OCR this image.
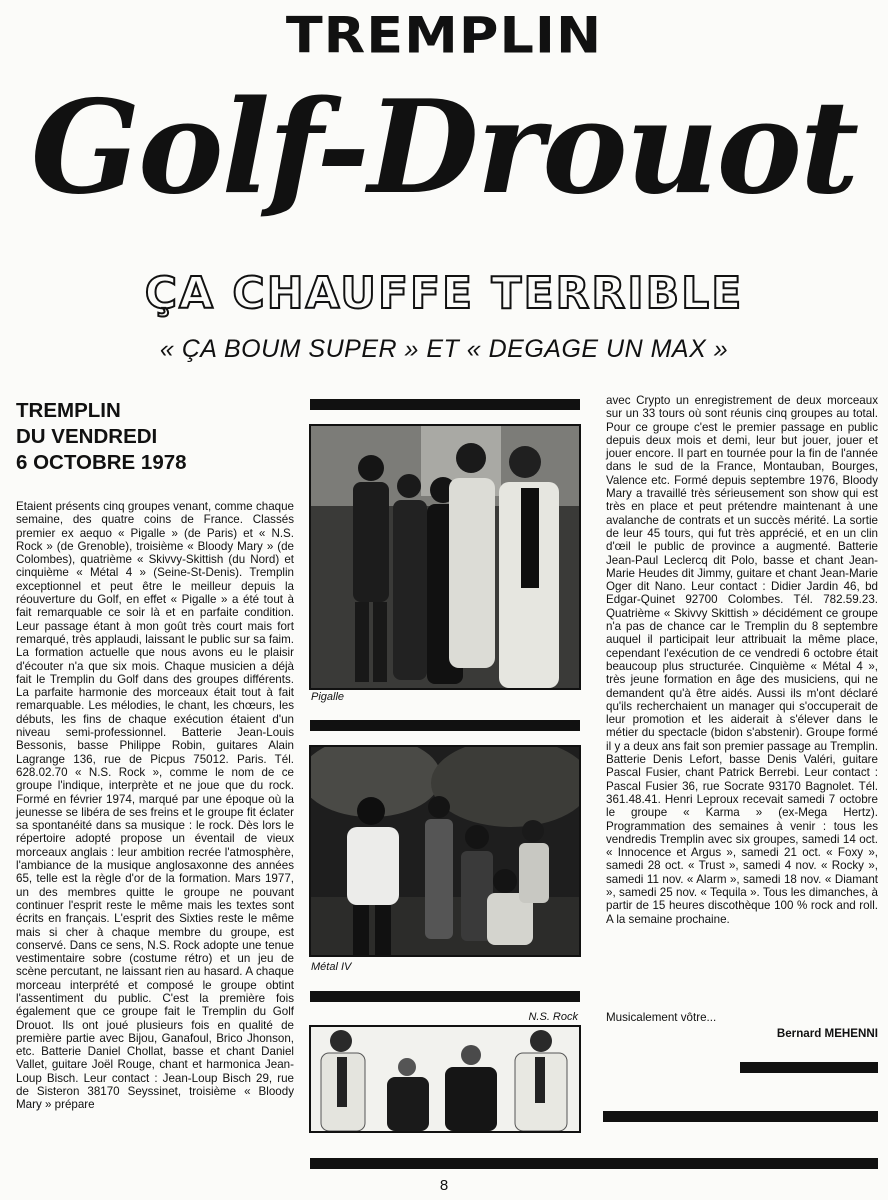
TREMPLIN
Golf-Drouot
ÇA CHAUFFE TERRIBLE
« ÇA BOUM SUPER » ET « DEGAGE UN MAX »
TREMPLIN
DU VENDREDI
6 OCTOBRE 1978

Etaient présents cinq groupes venant, comme chaque semaine, des quatre coins de France. Classés premier ex aequo « Pigalle » (de Paris) et « N.S. Rock » (de Grenoble), troisième « Bloody Mary » (de Colombes), quatrième « Skivvy-Skittish (du Nord) et cinquième « Métal 4 » (Seine-St-Denis). Tremplin exceptionnel et peut être le meilleur depuis la réouverture du Golf, en effet « Pigalle » a été tout à fait remarquable ce soir là et en parfaite condition. Leur passage étant à mon goût très court mais fort remarqué, très applaudi, laissant le public sur sa faim. La formation actuelle que nous avons eu le plaisir d'écouter n'a que six mois. Chaque musicien a déjà fait le Tremplin du Golf dans des groupes différents. La parfaite harmonie des morceaux était tout à fait remarquable. Les mélodies, le chant, les chœurs, les débuts, les fins de chaque exécution étaient d'un niveau semi-professionnel. Batterie Jean-Louis Bessonis, basse Philippe Robin, guitares Alain Lagrange 136, rue de Picpus 75012. Paris. Tél. 628.02.70 « N.S. Rock », comme le nom de ce groupe l'indique, interprète et ne joue que du rock. Formé en février 1974, marqué par une époque où la jeunesse se libéra de ses freins et le groupe fit éclater sa spontanéité dans sa musique : le rock. Dès lors le répertoire adopté propose un éventail de vieux morceaux anglais : leur ambition recrée l'atmosphère, l'ambiance de la musique anglosaxonne des années 65, telle est la règle d'or de la formation. Mars 1977, un des membres quitte le groupe ne pouvant continuer l'esprit reste le même mais les textes sont écrits en français. L'esprit des Sixties reste le même mais si cher à chaque membre du groupe, est conservé. Dans ce sens, N.S. Rock adopte une tenue vestimentaire sobre (costume rétro) et un jeu de scène percutant, ne laissant rien au hasard. A chaque morceau interprété et composé le groupe obtint l'assentiment du public. C'est la première fois également que ce groupe fait le Tremplin du Golf Drouot. Ils ont joué plusieurs fois en qualité de première partie avec Bijou, Ganafoul, Brico Jhonson, etc. Batterie Daniel Chollat, basse et chant Daniel Vallet, guitare Joël Rouge, chant et harmonica Jean-Loup Bisch. Leur contact : Jean-Loup Bisch 29, rue de Sisteron 38170 Seyssinet, troisième « Bloody Mary » prépare

Pigalle

Métal IV

N.S. Rock

avec Crypto un enregistrement de deux morceaux sur un 33 tours où sont réunis cinq groupes au total. Pour ce groupe c'est le premier passage en public depuis deux mois et demi, leur but jouer, jouer et jouer encore. Il part en tournée pour la fin de l'année dans le sud de la France, Montauban, Bourges, Valence etc. Formé depuis septembre 1976, Bloody Mary a travaillé très sérieusement son show qui est très en place et peut prétendre maintenant à une avalanche de contrats et un succès mérité. La sortie de leur 45 tours, qui fut très apprécié, et en un clin d'œil le public de province a augmenté. Batterie Jean-Paul Leclercq dit Polo, basse et chant Jean-Marie Heudes dit Jimmy, guitare et chant Jean-Marie Oger dit Nano. Leur contact : Didier Jardin 46, bd Edgar-Quinet 92700 Colombes. Tél. 782.59.23. Quatrième « Skivvy Skittish » décidément ce groupe n'a pas de chance car le Tremplin du 8 septembre auquel il participait leur attribuait la même place, cependant l'exécution de ce vendredi 6 octobre était beaucoup plus structurée. Cinquième « Métal 4 », très jeune formation en âge des musiciens, qui ne demandent qu'à être aidés. Aussi ils m'ont déclaré qu'ils recherchaient un manager qui s'occuperait de leur promotion et les aiderait à s'élever dans le métier du spectacle (bidon s'abstenir). Groupe formé il y a deux ans fait son premier passage au Tremplin. Batterie Denis Lefort, basse Denis Valéri, guitare Pascal Fusier, chant Patrick Berrebi. Leur contact : Pascal Fusier 36, rue Socrate 93170 Bagnolet. Tél. 361.48.41. Henri Leproux recevait samedi 7 octobre le groupe « Karma » (ex-Mega Hertz). Programmation des semaines à venir : tous les vendredis Tremplin avec six groupes, samedi 14 oct. « Innocence et Argus », samedi 21 oct. « Foxy », samedi 28 oct. « Trust », samedi 4 nov. « Rocky », samedi 11 nov. « Alarm », samedi 18 nov. « Diamant », samedi 25 nov. « Tequila ». Tous les dimanches, à partir de 15 heures discothèque 100 % rock and roll. A la semaine prochaine.

Musicalement vôtre...
Bernard MEHENNI
8
